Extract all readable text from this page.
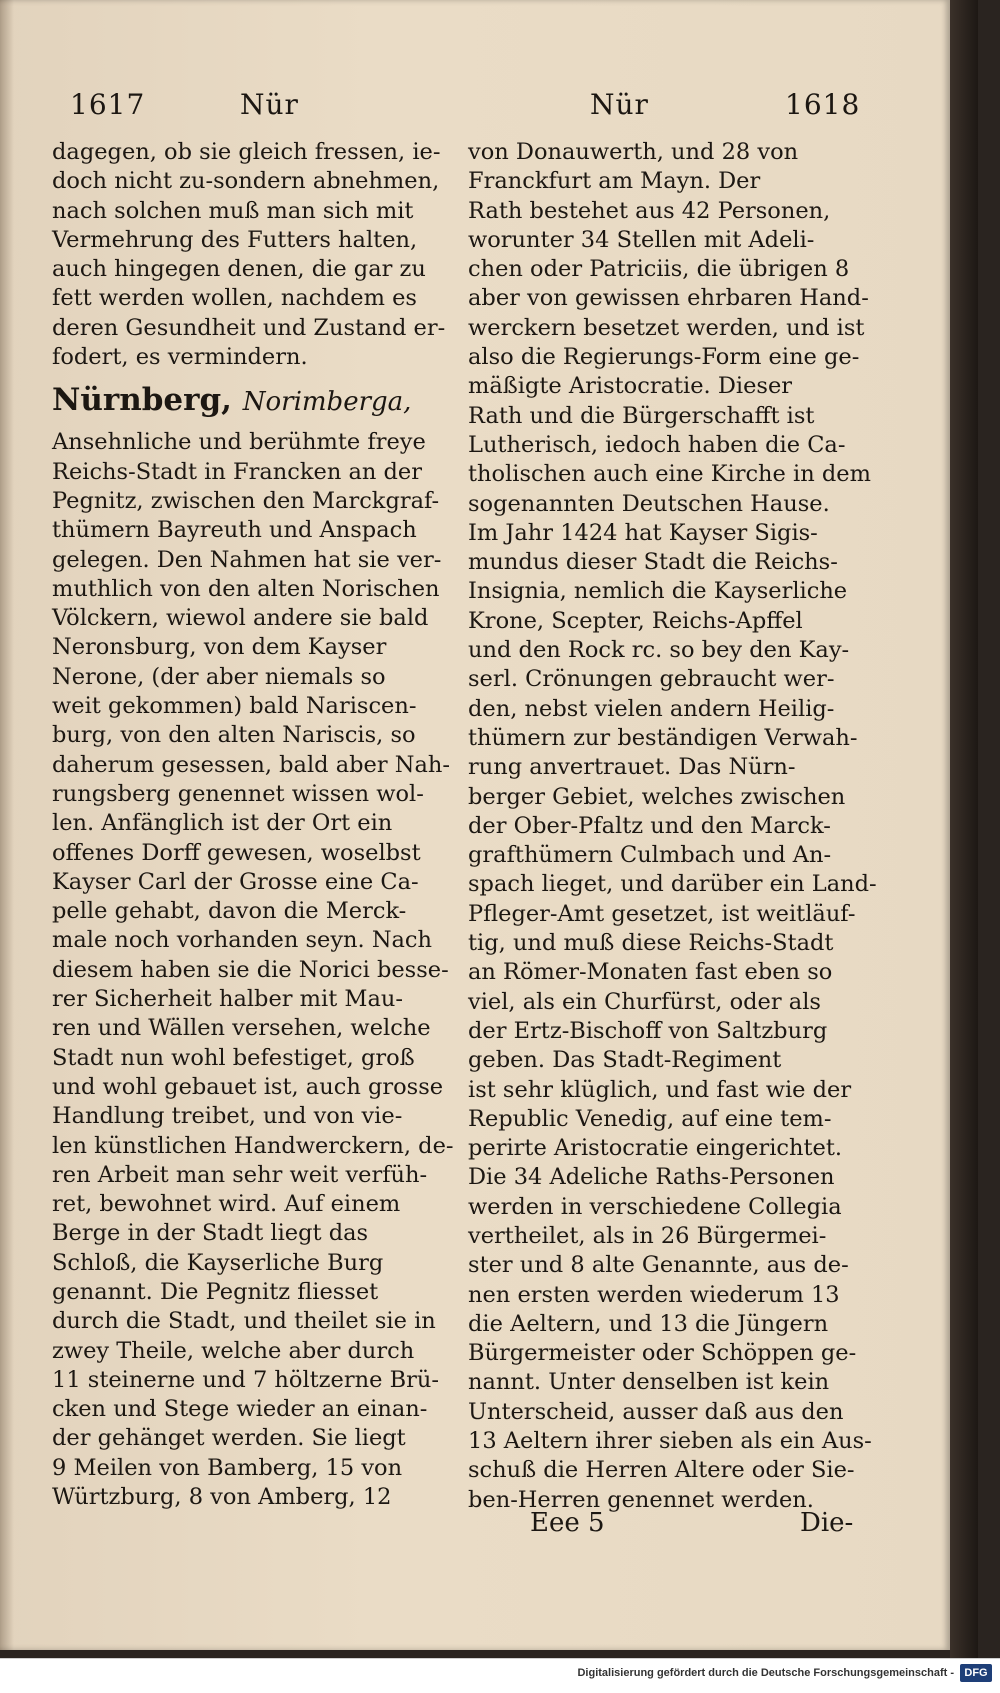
1617	Nür	Nür	1618

dagegen, ob sie gleich fressen, ie-

doch nicht zu-sondern abnehmen,

nach solchen muß man sich mit

Vermehrung des Futters halten,

auch hingegen denen, die gar zu

fett werden wollen, nachdem es

deren Gesundheit und Zustand er-

fodert, es vermindern.

Nürnberg, Norimberga,

Ansehnliche und berühmte freye

Reichs-Stadt in Francken an der

Pegnitz, zwischen den Marckgraf-

thümern Bayreuth und Anspach

gelegen. Den Nahmen hat sie ver-

muthlich von den alten Norischen

Völckern, wiewol andere sie bald

Neronsburg, von dem Kayser

Nerone, (der aber niemals so

weit gekommen) bald Nariscen-

burg, von den alten Nariscis, so

daherum gesessen, bald aber Nah-

rungsberg genennet wissen wol-

len. Anfänglich ist der Ort ein

offenes Dorff gewesen, woselbst

Kayser Carl der Grosse eine Ca-

pelle gehabt, davon die Merck-

male noch vorhanden seyn. Nach

diesem haben sie die Norici besse-

rer Sicherheit halber mit Mau-

ren und Wällen versehen, welche

Stadt nun wohl befestiget, groß

und wohl gebauet ist, auch grosse

Handlung treibet, und von vie-

len künstlichen Handwerckern, de-

ren Arbeit man sehr weit verfüh-

ret, bewohnet wird. Auf einem

Berge in der Stadt liegt das

Schloß, die Kayserliche Burg

genannt. Die Pegnitz fliesset

durch die Stadt, und theilet sie in

zwey Theile, welche aber durch

11 steinerne und 7 höltzerne Brü-

cken und Stege wieder an einan-

der gehänget werden. Sie liegt

9 Meilen von Bamberg, 15 von

Würtzburg, 8 von Amberg, 12

von Donauwerth, und 28 von

Franckfurt am Mayn. Der

Rath bestehet aus 42 Personen,

worunter 34 Stellen mit Adeli-

chen oder Patriciis, die übrigen 8

aber von gewissen ehrbaren Hand-

werckern besetzet werden, und ist

also die Regierungs-Form eine ge-

mäßigte Aristocratie. Dieser

Rath und die Bürgerschafft ist

Lutherisch, iedoch haben die Ca-

tholischen auch eine Kirche in dem

sogenannten Deutschen Hause.

Im Jahr 1424 hat Kayser Sigis-

mundus dieser Stadt die Reichs-

Insignia, nemlich die Kayserliche

Krone, Scepter, Reichs-Apffel

und den Rock rc. so bey den Kay-

serl. Crönungen gebraucht wer-

den, nebst vielen andern Heilig-

thümern zur beständigen Verwah-

rung anvertrauet. Das Nürn-

berger Gebiet, welches zwischen

der Ober-Pfaltz und den Marck-

grafthümern Culmbach und An-

spach lieget, und darüber ein Land-

Pfleger-Amt gesetzet, ist weitläuf-

tig, und muß diese Reichs-Stadt

an Römer-Monaten fast eben so

viel, als ein Churfürst, oder als

der Ertz-Bischoff von Saltzburg

geben. Das Stadt-Regiment

ist sehr klüglich, und fast wie der

Republic Venedig, auf eine tem-

perirte Aristocratie eingerichtet.

Die 34 Adeliche Raths-Personen

werden in verschiedene Collegia

vertheilet, als in 26 Bürgermei-

ster und 8 alte Genannte, aus de-

nen ersten werden wiederum 13

die Aeltern, und 13 die Jüngern

Bürgermeister oder Schöppen ge-

nannt. Unter denselben ist kein

Unterscheid, ausser daß aus den

13 Aeltern ihrer sieben als ein Aus-

schuß die Herren Altere oder Sie-

ben-Herren genennet werden.

Eee 5	Die-
Digitalisierung gefördert durch die Deutsche Forschungsgemeinschaft - DFG
